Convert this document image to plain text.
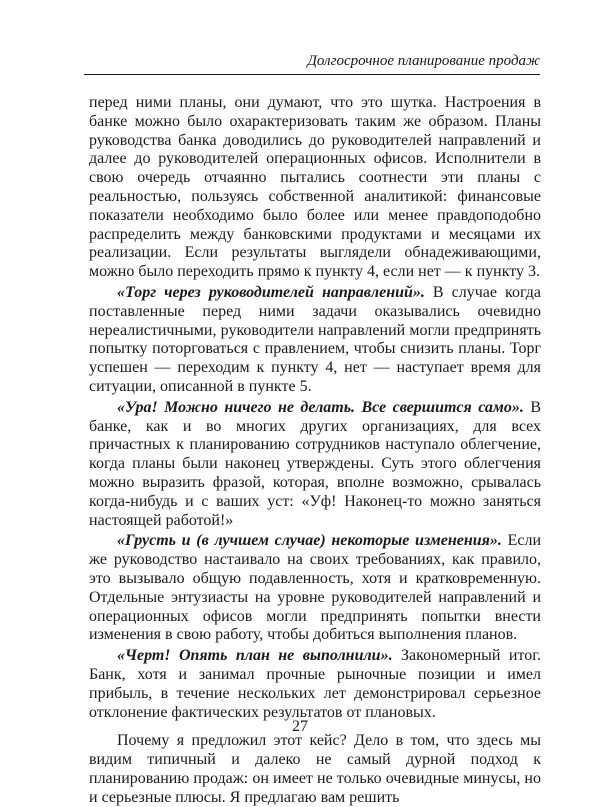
Долгосрочное планирование продаж

перед ними планы, они думают, что это шутка. Настроения в банке можно было охарактеризовать таким же образом. Планы руководства банка доводились до руководителей направлений и далее до руководителей операционных офисов. Исполнители в свою очередь отчаянно пытались соотнести эти планы с реальностью, пользуясь собственной аналитикой: финансовые показатели необходимо было более или менее правдоподобно распределить между банковскими продуктами и месяцами их реализации. Если результаты выглядели обнадеживающими, можно было переходить прямо к пункту 4, если нет — к пункту 3.

«Торг через руководителей направлений». В случае когда поставленные перед ними задачи оказывались очевидно нереалистичными, руководители направлений могли предпринять попытку поторговаться с правлением, чтобы снизить планы. Торг успешен — переходим к пункту 4, нет — наступает время для ситуации, описанной в пункте 5.

«Ура! Можно ничего не делать. Все свершится само». В банке, как и во многих других организациях, для всех причастных к планированию сотрудников наступало облегчение, когда планы были наконец утверждены. Суть этого облегчения можно выразить фразой, которая, вполне возможно, срывалась когда-нибудь и с ваших уст: «Уф! Наконец-то можно заняться настоящей работой!»

«Грусть и (в лучшем случае) некоторые изменения». Если же руководство настаивало на своих требованиях, как правило, это вызывало общую подавленность, хотя и кратковременную. Отдельные энтузиасты на уровне руководителей направлений и операционных офисов могли предпринять попытки внести изменения в свою работу, чтобы добиться выполнения планов.

«Черт! Опять план не выполнили». Закономерный итог. Банк, хотя и занимал прочные рыночные позиции и имел прибыль, в течение нескольких лет демонстрировал серьезное отклонение фактических результатов от плановых.

Почему я предложил этот кейс? Дело в том, что здесь мы видим типичный и далеко не самый дурной подход к планированию продаж: он имеет не только очевидные минусы, но и серьезные плюсы. Я предлагаю вам решить

27
